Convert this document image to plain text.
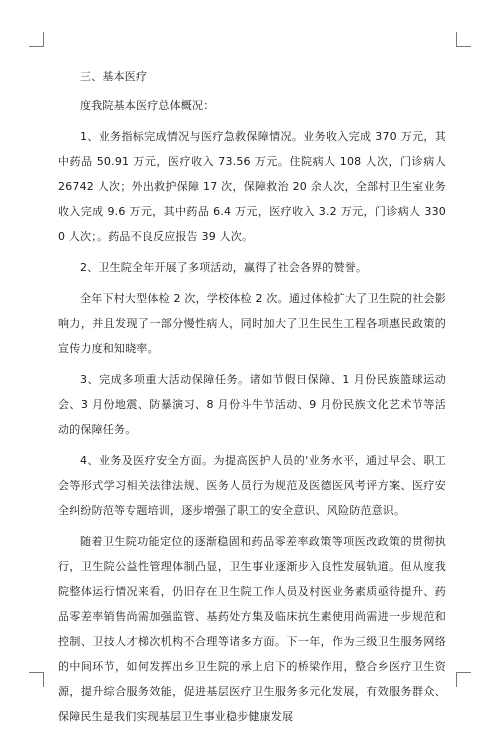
三、基本医疗

度我院基本医疗总体概况：

1、业务指标完成情况与医疗急救保障情况。业务收入完成 370 万元，其中药品 50.91 万元，医疗收入 73.56 万元。住院病人 108 人次，门诊病人 26742 人次；外出救护保障 17 次，保障救治 20 余人次，全部村卫生室业务收入完成 9.6 万元，其中药品 6.4 万元，医疗收入 3.2 万元，门诊病人 3300 人次；。药品不良反应报告 39 人次。

2、卫生院全年开展了多项活动，赢得了社会各界的赞誉。

全年下村大型体检 2 次，学校体检 2 次。通过体检扩大了卫生院的社会影响力，并且发现了一部分慢性病人，同时加大了卫生民生工程各项惠民政策的宣传力度和知晓率。

3、完成多项重大活动保障任务。诸如节假日保障、1 月份民族篮球运动会、3 月份地震、防暴演习、8 月份斗牛节活动、9 月份民族文化艺术节等活动的保障任务。

4、业务及医疗安全方面。为提高医护人员的'业务水平，通过早会、职工会等形式学习相关法律法规、医务人员行为规范及医德医风考评方案、医疗安全纠纷防范等专题培训，逐步增强了职工的安全意识、风险防范意识。

随着卫生院功能定位的逐渐稳固和药品零差率政策等项医改政策的贯彻执行，卫生院公益性管理体制凸显，卫生事业逐渐步入良性发展轨道。但从度我院整体运行情况来看，仍旧存在卫生院工作人员及村医业务素质亟待提升、药品零差率销售尚需加强监管、基药处方集及临床抗生素使用尚需进一步规范和控制、卫技人才梯次机构不合理等诸多方面。下一年，作为三级卫生服务网络的中间环节，如何发挥出乡卫生院的承上启下的桥梁作用，整合乡医疗卫生资源，提升综合服务效能，促进基层医疗卫生服务多元化发展，有效服务群众、保障民生是我们实现基层卫生事业稳步健康发展
